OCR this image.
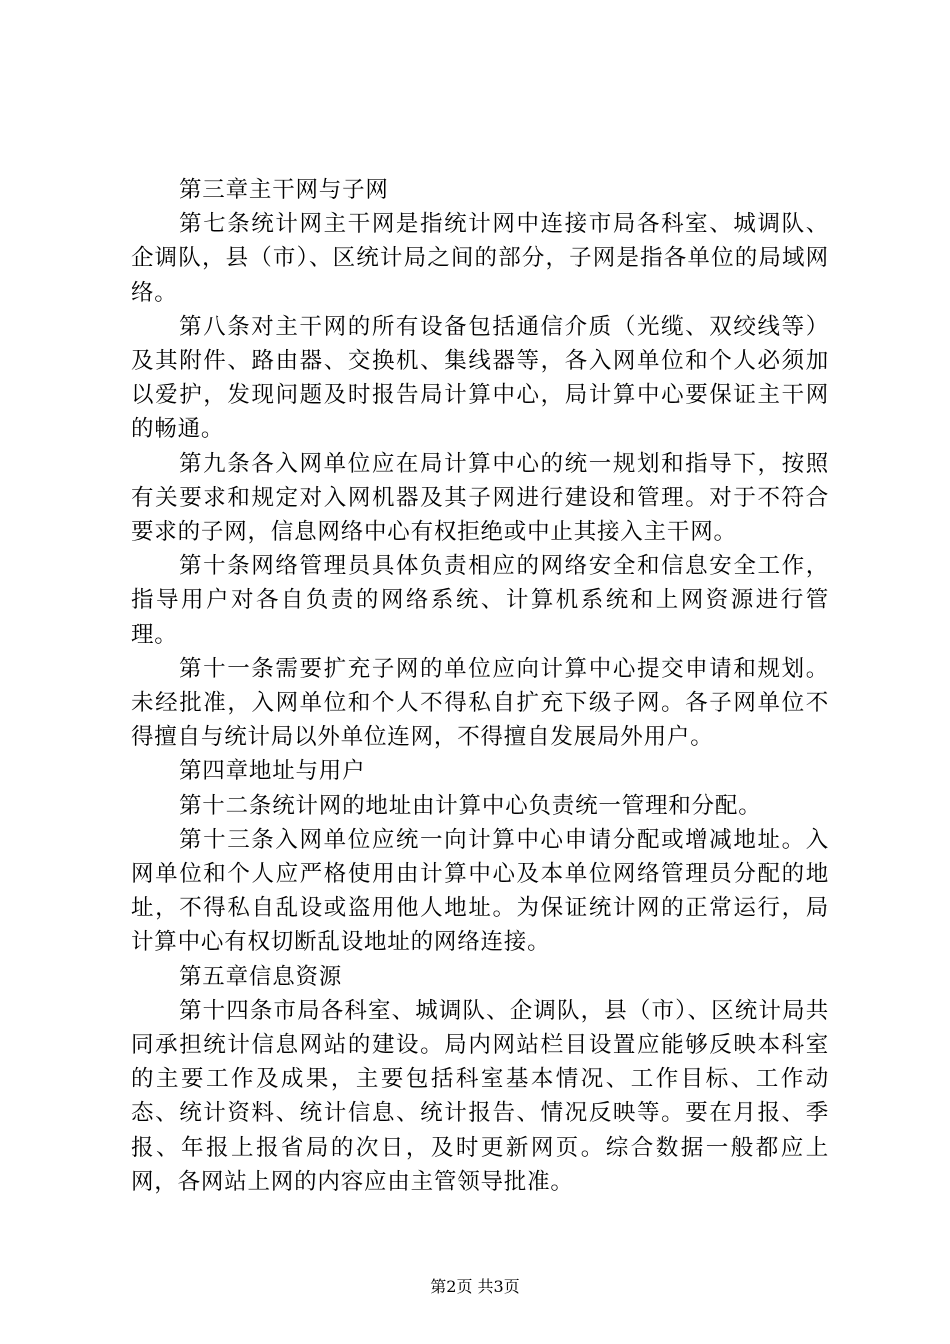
第三章主干网与子网

第七条统计网主干网是指统计网中连接市局各科室、城调队、企调队，县（市）、区统计局之间的部分，子网是指各单位的局域网络。

第八条对主干网的所有设备包括通信介质（光缆、双绞线等）及其附件、路由器、交换机、集线器等，各入网单位和个人必须加以爱护，发现问题及时报告局计算中心，局计算中心要保证主干网的畅通。

第九条各入网单位应在局计算中心的统一规划和指导下，按照有关要求和规定对入网机器及其子网进行建设和管理。对于不符合要求的子网，信息网络中心有权拒绝或中止其接入主干网。

第十条网络管理员具体负责相应的网络安全和信息安全工作，指导用户对各自负责的网络系统、计算机系统和上网资源进行管理。

第十一条需要扩充子网的单位应向计算中心提交申请和规划。未经批准，入网单位和个人不得私自扩充下级子网。各子网单位不得擅自与统计局以外单位连网，不得擅自发展局外用户。

第四章地址与用户

第十二条统计网的地址由计算中心负责统一管理和分配。

第十三条入网单位应统一向计算中心申请分配或增减地址。入网单位和个人应严格使用由计算中心及本单位网络管理员分配的地址，不得私自乱设或盗用他人地址。为保证统计网的正常运行，局计算中心有权切断乱设地址的网络连接。

第五章信息资源

第十四条市局各科室、城调队、企调队，县（市）、区统计局共同承担统计信息网站的建设。局内网站栏目设置应能够反映本科室的主要工作及成果，主要包括科室基本情况、工作目标、工作动态、统计资料、统计信息、统计报告、情况反映等。要在月报、季报、年报上报省局的次日，及时更新网页。综合数据一般都应上网，各网站上网的内容应由主管领导批准。

第2页 共3页
